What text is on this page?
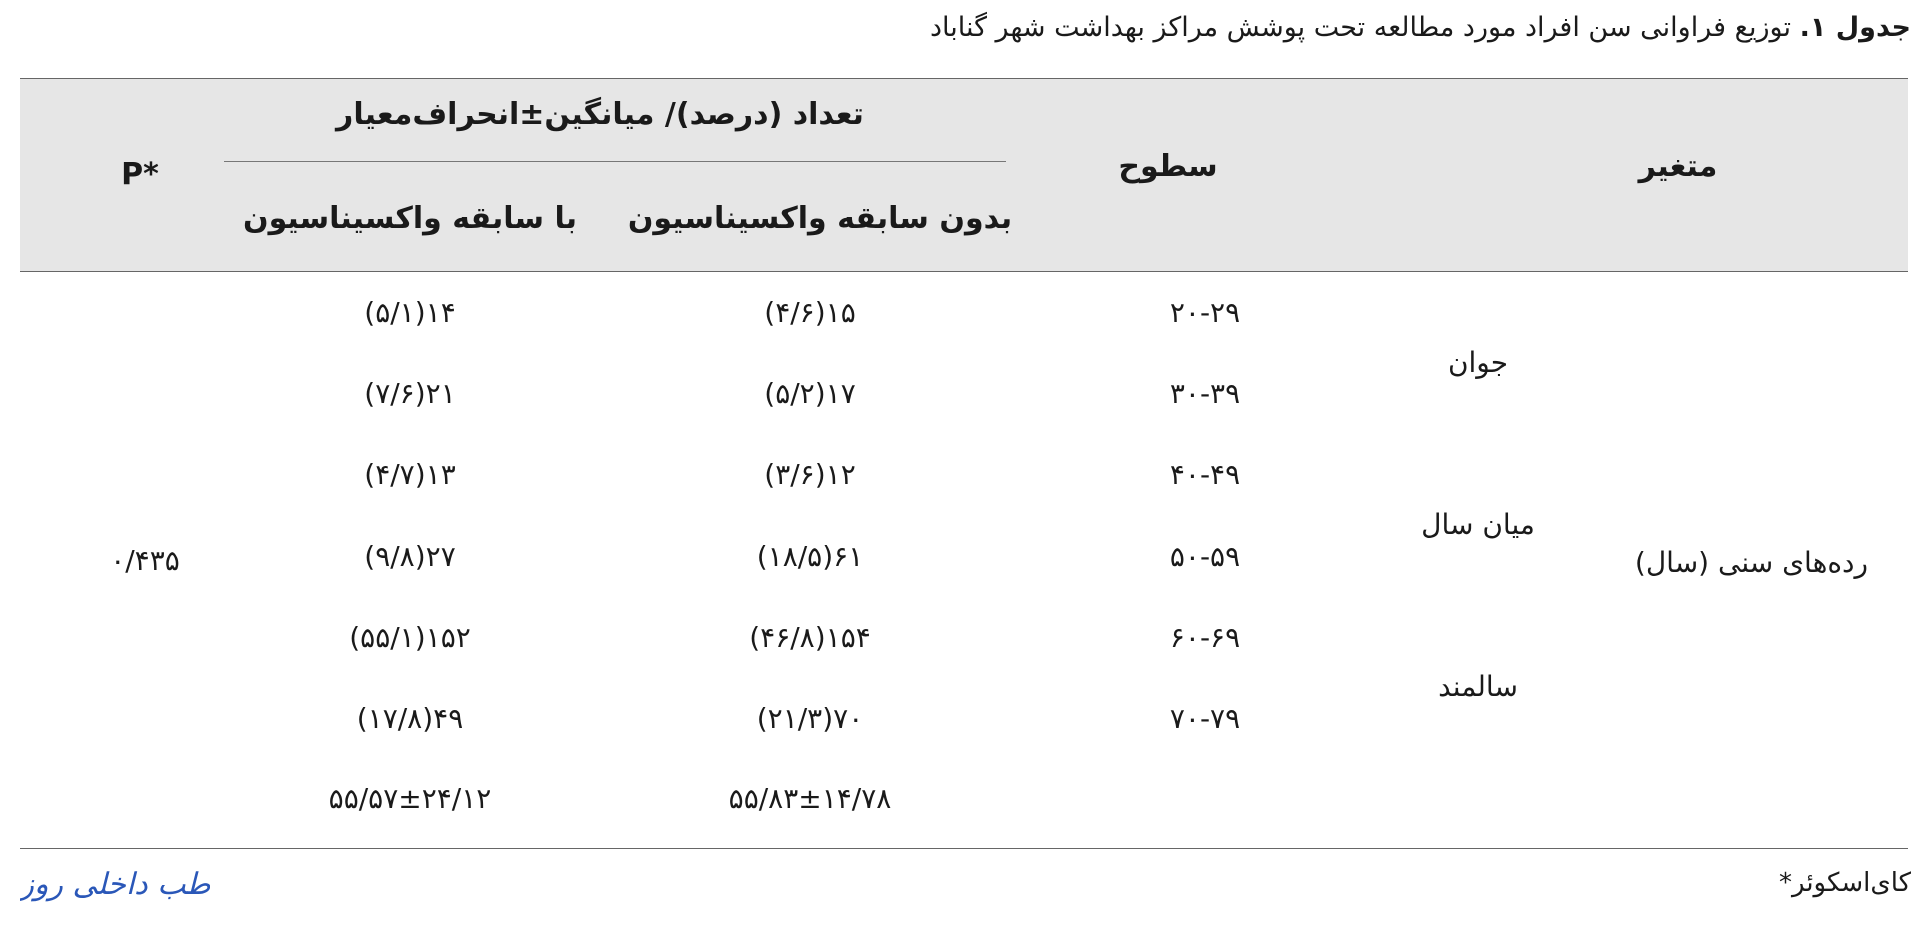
جدول ۱. توزیع فراوانی سن افراد مورد مطالعه تحت پوشش مراکز بهداشت شهر گناباد
متغیر
سطوح
تعداد (درصد)/ میانگین±انحراف‌معیار
بدون سابقه واکسیناسیون
با سابقه واکسیناسیون
P*
رده‌های سنی (سال)
جوان
میان سال
سالمند
۲۰-۲۹
۱۵(۴/۶)
۱۴(۵/۱)
۳۰-۳۹
۱۷(۵/۲)
۲۱(۷/۶)
۴۰-۴۹
۱۲(۳/۶)
۱۳(۴/۷)
۵۰-۵۹
۶۱(۱۸/۵)
۲۷(۹/۸)
۶۰-۶۹
۱۵۴(۴۶/۸)
۱۵۲(۵۵/۱)
۷۰-۷۹
۷۰(۲۱/۳)
۴۹(۱۷/۸)
۵۵/۸۳±۱۴/۷۸
۵۵/۵۷±۲۴/۱۲
۰/۴۳۵
کای‌اسکوئر*
طب داخلی روز
